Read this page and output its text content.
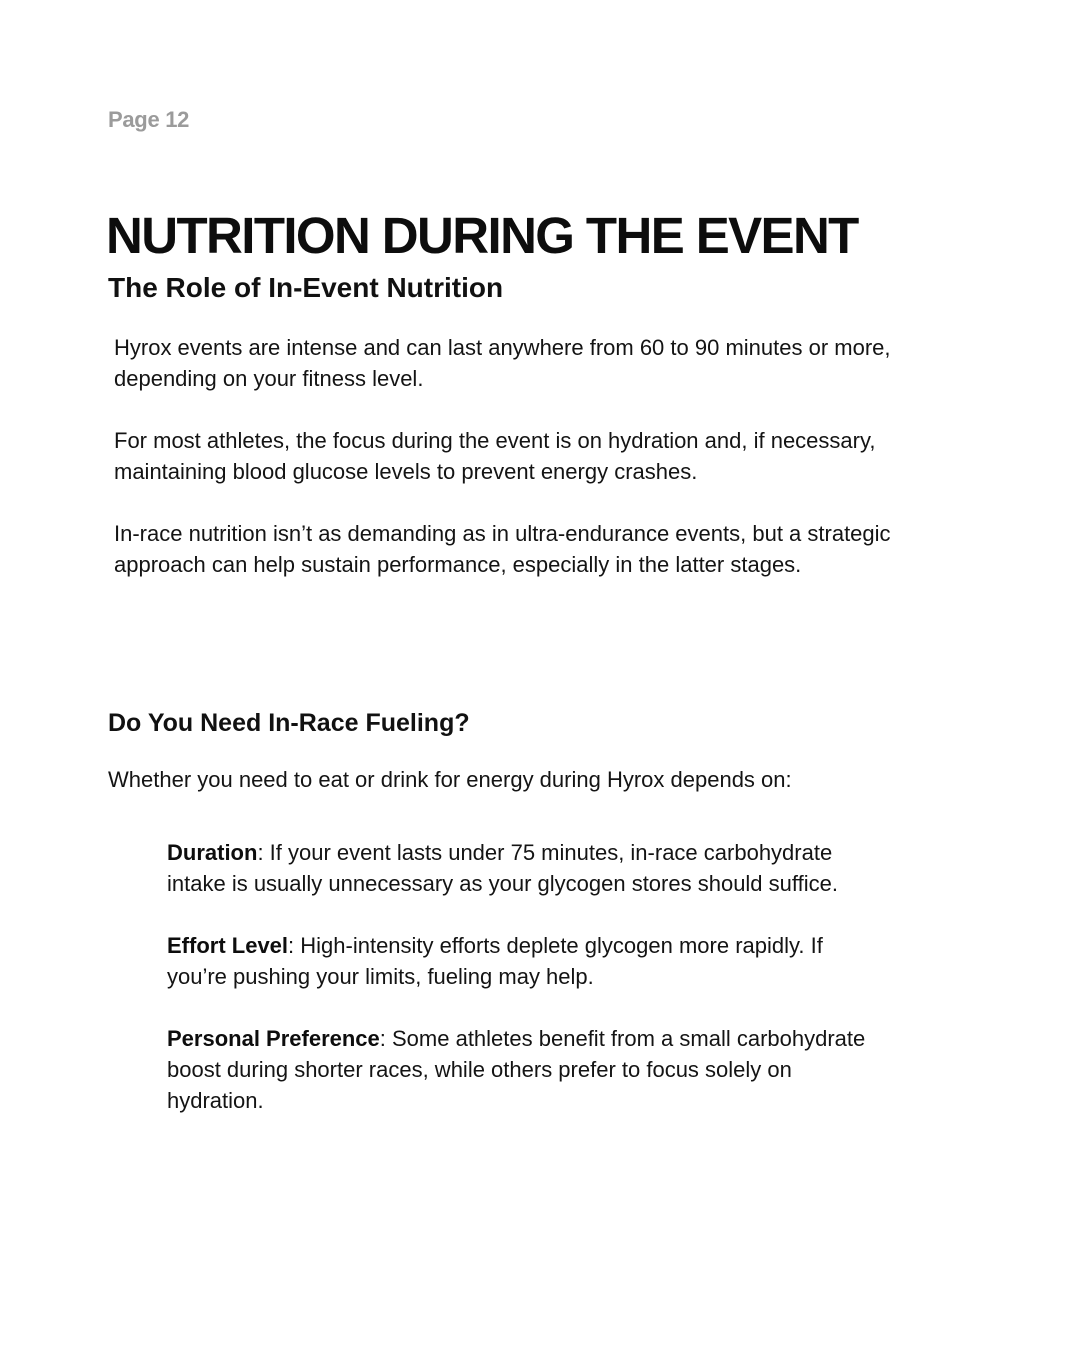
Page 12
NUTRITION DURING THE EVENT
The Role of In-Event Nutrition

Hyrox events are intense and can last anywhere from 60 to 90 minutes or more, depending on your fitness level.

For most athletes, the focus during the event is on hydration and, if necessary, maintaining blood glucose levels to prevent energy crashes.

In-race nutrition isn’t as demanding as in ultra-endurance events, but a strategic approach can help sustain performance, especially in the latter stages.

Do You Need In-Race Fueling?

Whether you need to eat or drink for energy during Hyrox depends on:

Duration: If your event lasts under 75 minutes, in-race carbohydrate intake is usually unnecessary as your glycogen stores should suffice.
Effort Level: High-intensity efforts deplete glycogen more rapidly. If you’re pushing your limits, fueling may help.
Personal Preference: Some athletes benefit from a small carbohydrate boost during shorter races, while others prefer to focus solely on hydration.
